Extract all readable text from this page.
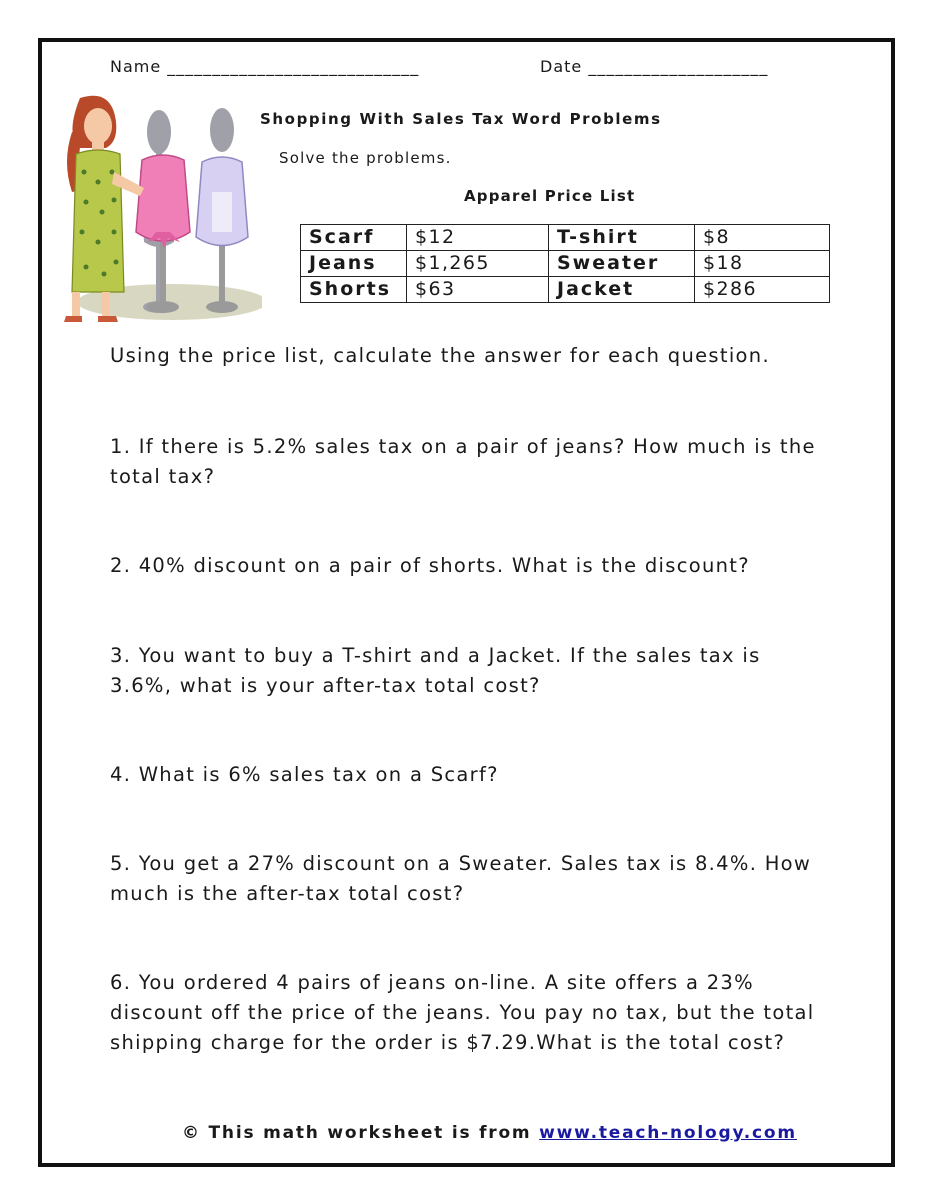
Name ____________________________	Date ____________________
Shopping With Sales Tax Word Problems
Solve the problems.
Apparel Price List
Scarf	$12	T-shirt	$8
Jeans	$1,265	Sweater	$18
Shorts	$63	Jacket	$286
Using the price list, calculate the answer for each question.
1. If there is 5.2% sales tax on a pair of jeans? How much is the total tax?
2. 40% discount on a pair of shorts. What is the discount?
3. You want to buy a T-shirt and a Jacket. If the sales tax is 3.6%, what is your after-tax total cost?
4. What is 6% sales tax on a Scarf?
5. You get a 27% discount on a Sweater. Sales tax is 8.4%. How much is the after-tax total cost?
6. You ordered 4 pairs of jeans on-line. A site offers a 23% discount off the price of the jeans. You pay no tax, but the total shipping charge for the order is $7.29.What is the total cost?
© This math worksheet is from www.teach-nology.com
